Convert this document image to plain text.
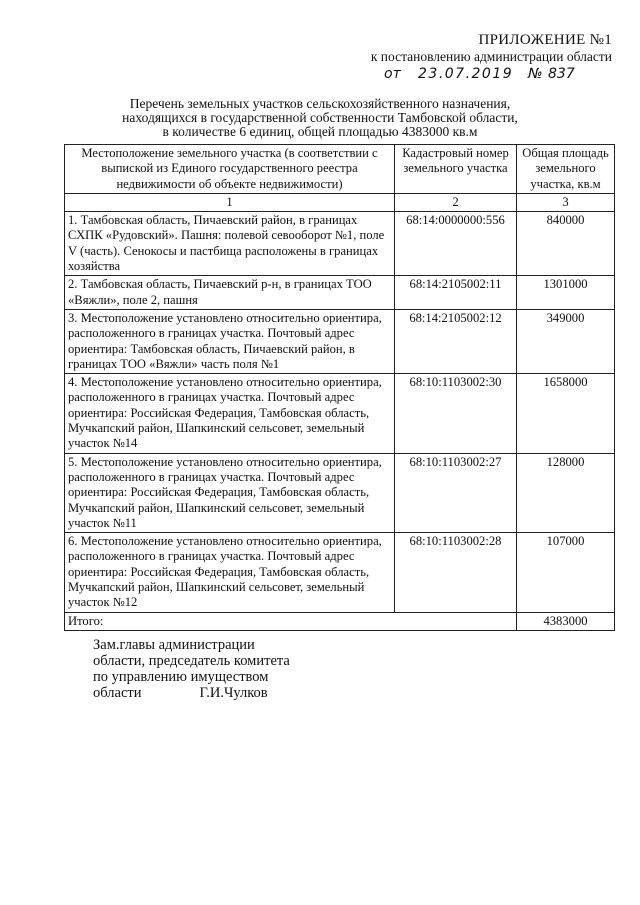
ПРИЛОЖЕНИЕ №1
к постановлению администрации области
от 23.07.2019 № 837
Перечень земельных участков сельскохозяйственного назначения,
находящихся в государственной собственности Тамбовской области,
в количестве 6 единиц, общей площадью 4383000 кв.м
Местоположение земельного участка (в соответствии с выпиской из Единого государственного реестра недвижимости об объекте недвижимости)	Кадастровый номер земельного участка	Общая площадь земельного участка, кв.м
1	2	3
1. Тамбовская область, Пичаевский район, в границах СХПК «Рудовский». Пашня: полевой севооборот №1, поле V (часть). Сенокосы и пастбища расположены в границах хозяйства	68:14:0000000:556	840000
2. Тамбовская область, Пичаевский р-н, в границах ТОО «Вяжли», поле 2, пашня	68:14:2105002:11	1301000
3. Местоположение установлено относительно ориентира, расположенного в границах участка. Почтовый адрес ориентира: Тамбовская область, Пичаевский район, в границах ТОО «Вяжли» часть поля №1	68:14:2105002:12	349000
4. Местоположение установлено относительно ориентира, расположенного в границах участка. Почтовый адрес ориентира: Российская Федерация, Тамбовская область, Мучкапский район, Шапкинский сельсовет, земельный участок №14	68:10:1103002:30	1658000
5. Местоположение установлено относительно ориентира, расположенного в границах участка. Почтовый адрес ориентира: Российская Федерация, Тамбовская область, Мучкапский район, Шапкинский сельсовет, земельный участок №11	68:10:1103002:27	128000
6. Местоположение установлено относительно ориентира, расположенного в границах участка. Почтовый адрес ориентира: Российская Федерация, Тамбовская область, Мучкапский район, Шапкинский сельсовет, земельный участок №12	68:10:1103002:28	107000
Итого:		4383000
Зам.главы администрации
области, председатель комитета
по управлению имуществом
области	Г.И.Чулков
